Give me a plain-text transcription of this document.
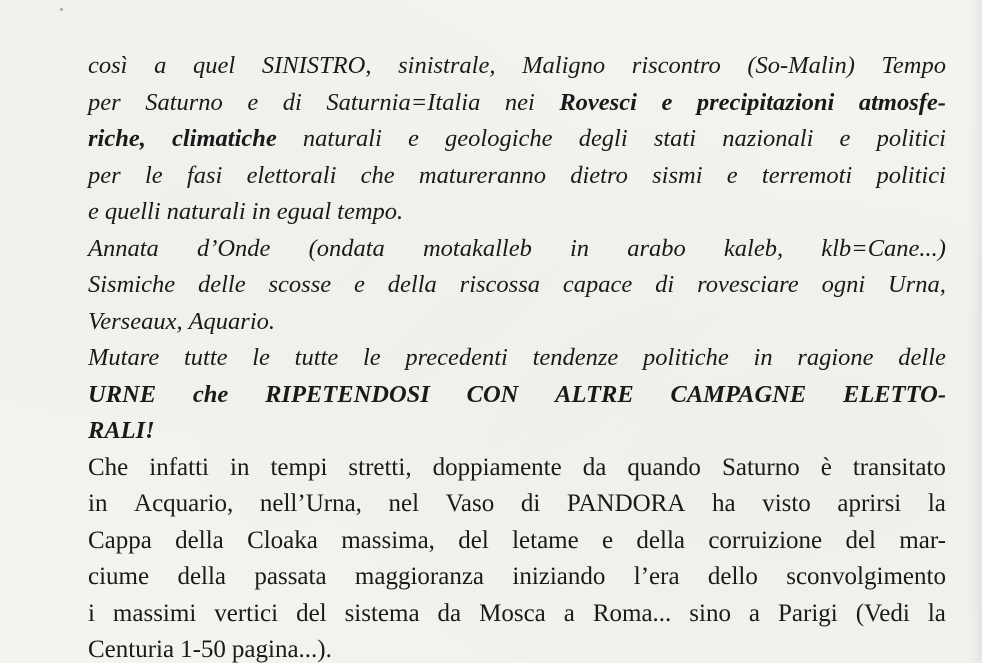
così a quel SINISTRO, sinistrale, Maligno riscontro (So-Malin) Tempo
per Saturno e di Saturnia=Italia nei Rovesci e precipitazioni atmosfe-
riche, climatiche naturali e geologiche degli stati nazionali e politici
per le fasi elettorali che matureranno dietro sismi e terremoti politici
e quelli naturali in egual tempo.
Annata d’Onde (ondata motakalleb in arabo kaleb, klb=Cane...)
Sismiche delle scosse e della riscossa capace di rovesciare ogni Urna,
Verseaux, Aquario.
Mutare tutte le tutte le precedenti tendenze politiche in ragione delle
URNE che RIPETENDOSI CON ALTRE CAMPAGNE ELETTO-
RALI!
Che infatti in tempi stretti, doppiamente da quando Saturno è transitato
in Acquario, nell’Urna, nel Vaso di PANDORA ha visto aprirsi la
Cappa della Cloaka massima, del letame e della corruizione del mar-
ciume della passata maggioranza iniziando l’era dello sconvolgimento
i massimi vertici del sistema da Mosca a Roma... sino a Parigi (Vedi la
Centuria 1-50 pagina...).
